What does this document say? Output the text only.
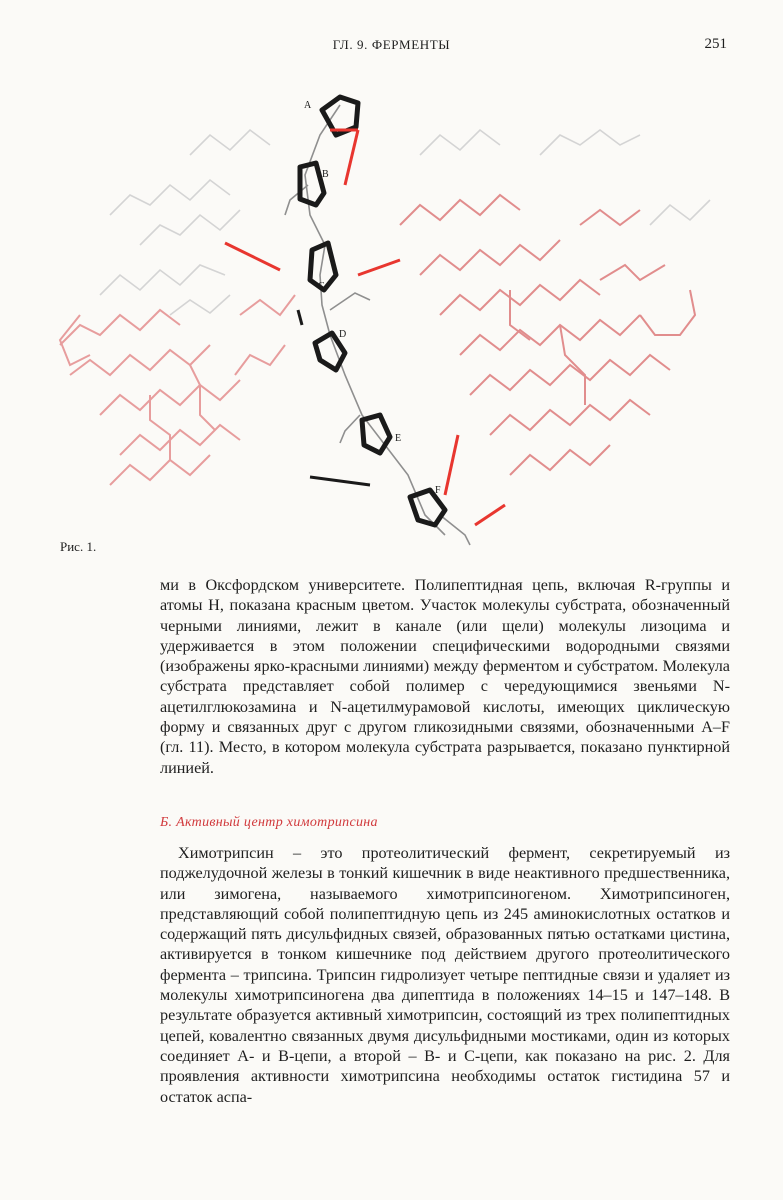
ГЛ. 9. ФЕРМЕНТЫ	251
A
B
C
D
E
F
Рис. 1.

ми в Оксфордском университете. Полипептидная цепь, включая R-группы и атомы Н, показана красным цветом. Участок молекулы субстрата, обозначенный черными линиями, лежит в канале (или щели) молекулы лизоцима и удерживается в этом положении специфическими водородными связями (изображены ярко-красными линиями) между ферментом и субстратом. Молекула субстрата представляет собой полимер с чередующимися звеньями N-ацетилглюкозамина и N-ацетилмурамовой кислоты, имеющих циклическую форму и связанных друг с другом гликозидными связями, обозначенными A–F (гл. 11). Место, в котором молекула субстрата разрывается, показано пунктирной линией.

Б. Активный центр химотрипсина

Химотрипсин – это протеолитический фермент, секретируемый из поджелудочной железы в тонкий кишечник в виде неактивного предшественника, или зимогена, называемого химотрипсиногеном. Химотрипсиноген, представляющий собой полипептидную цепь из 245 аминокислотных остатков и содержащий пять дисульфидных связей, образованных пятью остатками цистина, активируется в тонком кишечнике под действием другого протеолитического фермента – трипсина. Трипсин гидролизует четыре пептидные связи и удаляет из молекулы химотрипсиногена два дипептида в положениях 14–15 и 147–148. В результате образуется активный химотрипсин, состоящий из трех полипептидных цепей, ковалентно связанных двумя дисульфидными мостиками, один из которых соединяет A- и B-цепи, а второй – B- и C-цепи, как показано на рис. 2. Для проявления активности химотрипсина необходимы остаток гистидина 57 и остаток аспа-
